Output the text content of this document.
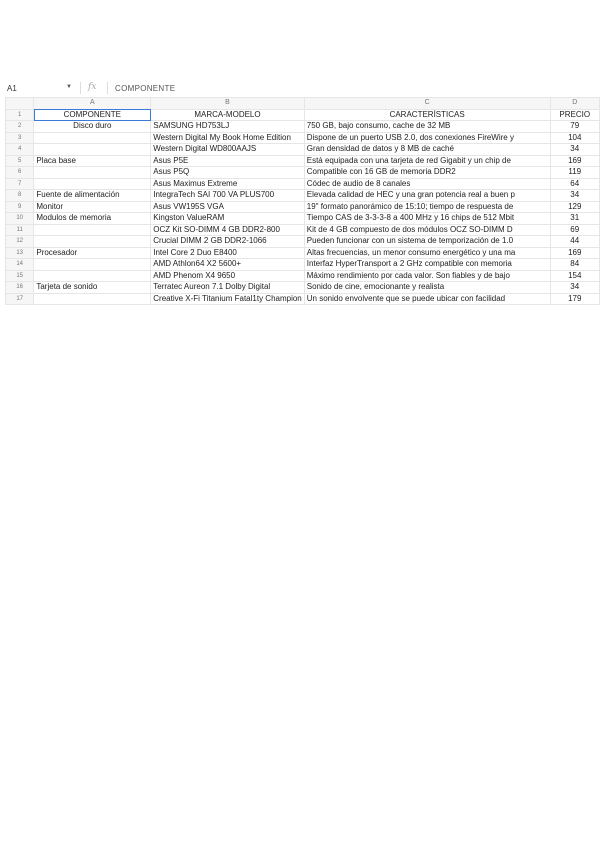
A1	▼ fx COMPONENTE
	A	B	C	D
1	COMPONENTE	MARCA-MODELO	CARACTERÍSTICAS	PRECIO
2	Disco duro	SAMSUNG HD753LJ	750 GB, bajo consumo, cache de 32 MB	79
3		Western Digital My Book Home Edition	Dispone de un puerto USB 2.0, dos conexiones FireWire y	104
4		Western Digital WD800AAJS	Gran densidad de datos y 8 MB de caché	34
5	Placa base	Asus P5E	Está equipada con una tarjeta de red Gigabit y un chip de	169
6		Asus P5Q	Compatible con 16 GB de memoria DDR2	119
7		Asus Maximus Extreme	Códec de audio de 8 canales	64
8	Fuente de alimentación	IntegraTech SAI 700 VA PLUS700	Elevada calidad de HEC y una gran potencia real a buen p	34
9	Monitor	Asus VW195S VGA	19" formato panorámico de 15:10; tiempo de respuesta de	129
10	Modulos de memoria	Kingston ValueRAM	Tiempo CAS de 3-3-3-8 a 400 MHz y 16 chips de 512 Mbit	31
11		OCZ Kit SO-DIMM 4 GB DDR2-800	Kit de 4 GB compuesto de dos módulos OCZ SO-DIMM D	69
12		Crucial DIMM 2 GB DDR2-1066	Pueden funcionar con un sistema de temporización de 1.0	44
13	Procesador	Intel Core 2 Duo E8400	Altas frecuencias, un menor consumo energético y una ma	169
14		AMD Athlon64 X2 5600+	Interfaz HyperTransport a 2 GHz compatible con memoria	84
15		AMD Phenom X4 9650	Máximo rendimiento por cada valor. Son fiables y de bajo	154
16	Tarjeta de sonido	Terratec Aureon 7.1 Dolby Digital	Sonido de cine, emocionante y realista	34
17		Creative X-Fi Titanium Fatal1ty Champion	Un sonido envolvente que se puede ubicar con facilidad	179
